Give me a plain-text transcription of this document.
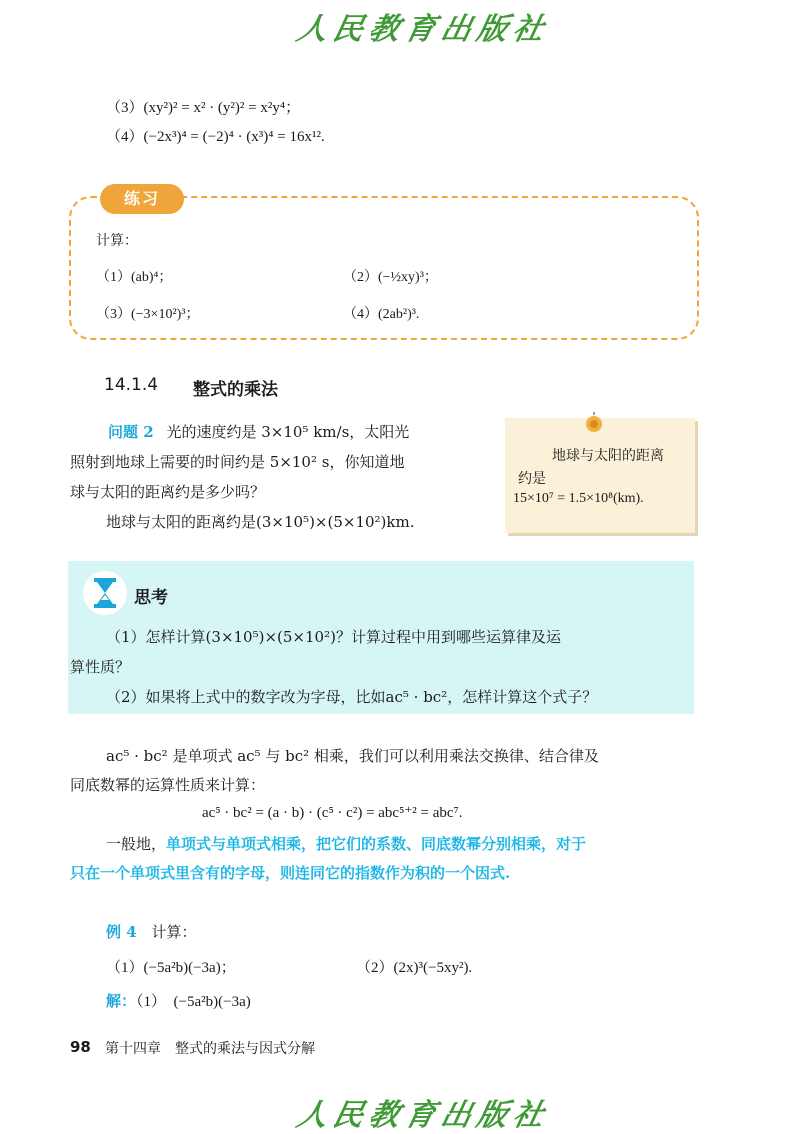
人民教育出版社
（3）(xy²)² = x² · (y²)² = x²y⁴；
（4）(−2x³)⁴ = (−2)⁴ · (x³)⁴ = 16x¹².
练习
计算：
（1）(ab)⁴；	（2）(−½xy)³；
（3）(−3×10²)³；	（4）(2ab²)³.
14.1.4 整式的乘法
问题 2 光的速度约是 3×10⁵ km/s，太阳光
照射到地球上需要的时间约是 5×10² s，你知道地
球与太阳的距离约是多少吗？
地球与太阳的距离约是(3×10⁵)×(5×10²)km.
地球与太阳的距离
约是
15×10⁷ = 1.5×10⁸(km).
思考
（1）怎样计算(3×10⁵)×(5×10²)？计算过程中用到哪些运算律及运
算性质？
（2）如果将上式中的数字改为字母，比如ac⁵ · bc²，怎样计算这个式子？
ac⁵ · bc² 是单项式 ac⁵ 与 bc² 相乘，我们可以利用乘法交换律、结合律及
同底数幂的运算性质来计算：
ac⁵ · bc² = (a · b) · (c⁵ · c²) = abc⁵⁺² = abc⁷.
一般地，单项式与单项式相乘，把它们的系数、同底数幂分别相乘，对于
只在一个单项式里含有的字母，则连同它的指数作为积的一个因式.
例 4 计算：
（1）(−5a²b)(−3a)；	（2）(2x)³(−5xy²).
解：（1）　(−5a²b)(−3a)
98 第十四章　整式的乘法与因式分解
人民教育出版社
